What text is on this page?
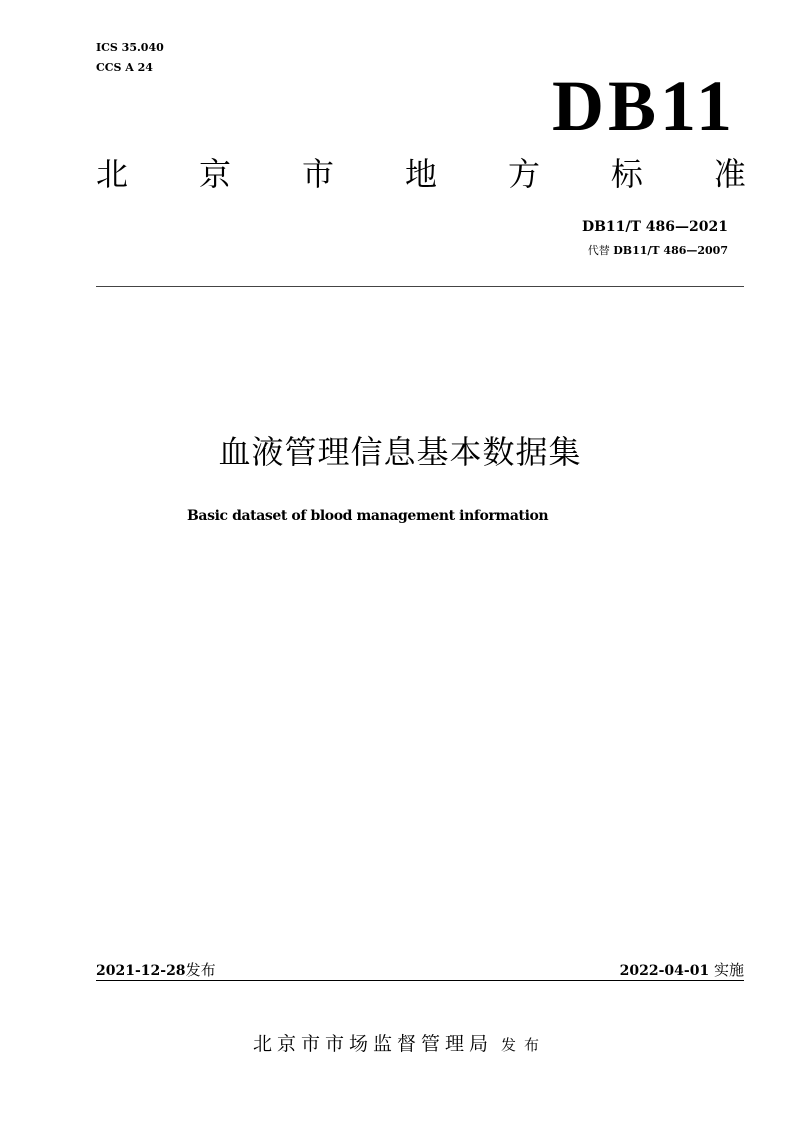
ICS 35.040
CCS A 24	DB11
北 京 市 地 方 标 准
DB11/T 486—2021
代替 DB11/T 486—2007
血液管理信息基本数据集
Basic dataset of blood management information
2021-12-28发布	2022-04-01 实施
北京市市场监督管理局 发布
